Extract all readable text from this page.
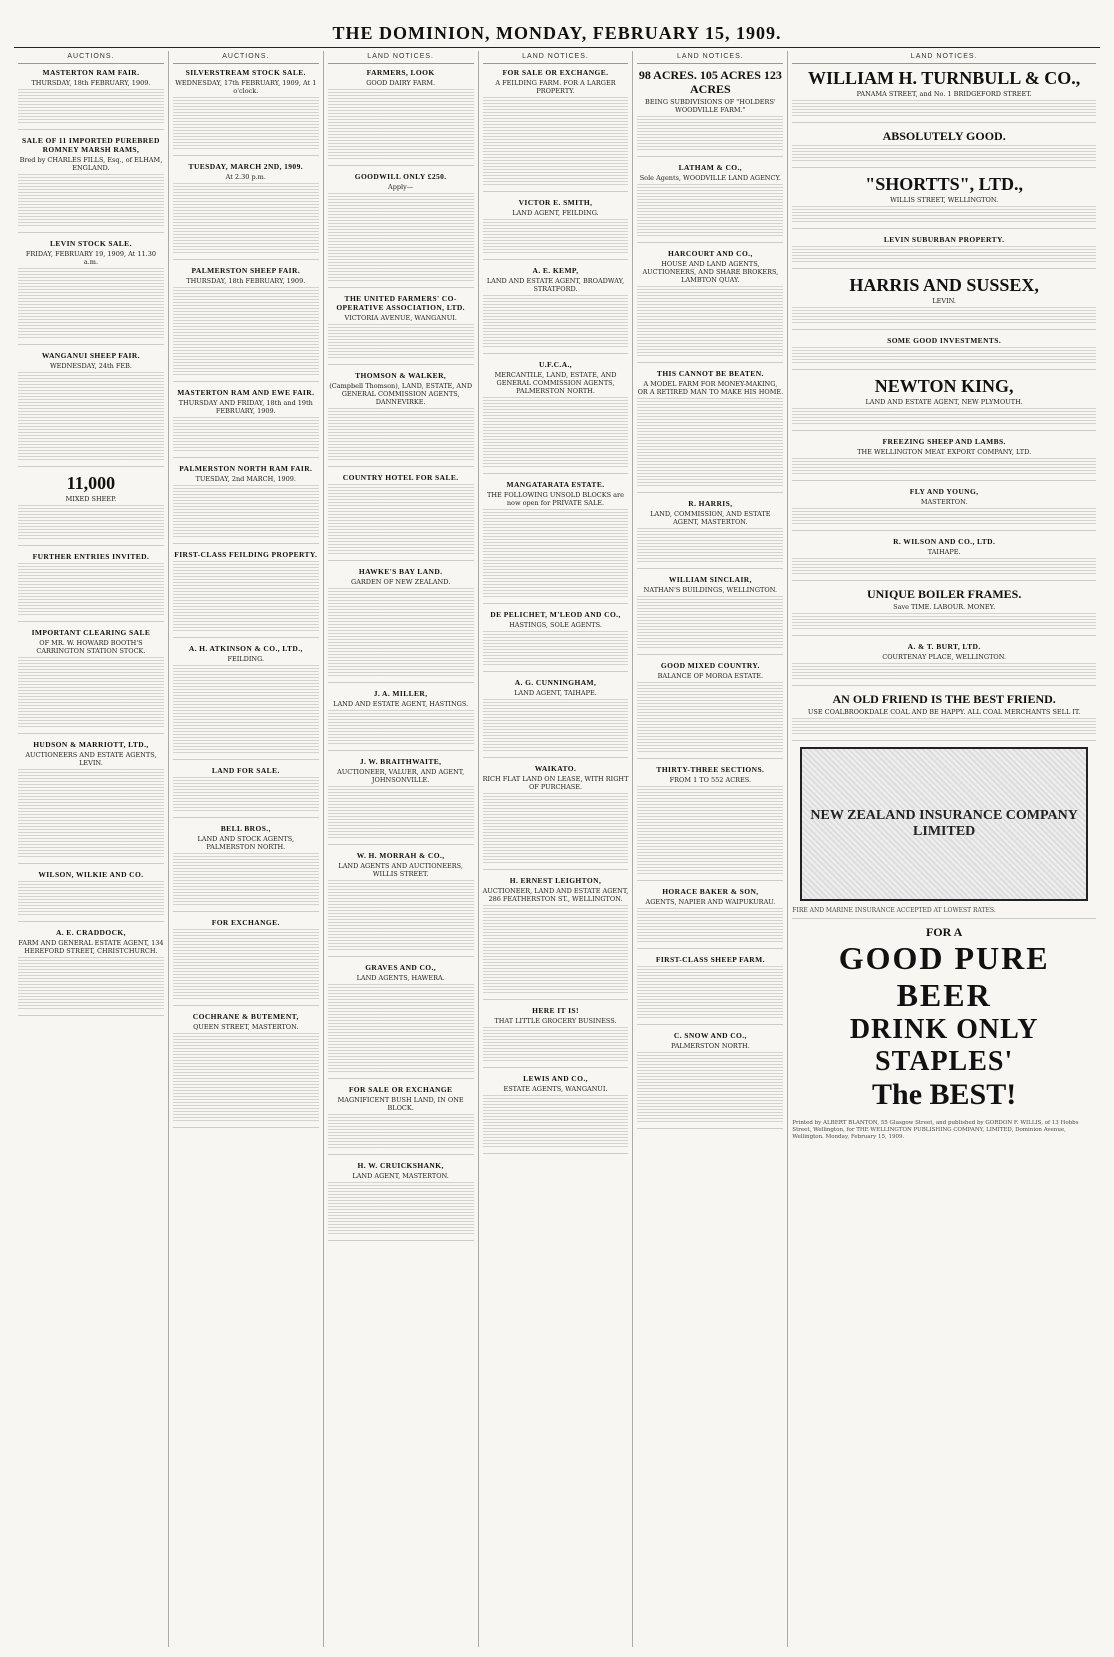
THE DOMINION, MONDAY, FEBRUARY 15, 1909.
AUCTIONS.
MASTERTON RAM FAIR.
THURSDAY, 18th FEBRUARY, 1909.
SALE OF 11 IMPORTED PUREBRED ROMNEY MARSH RAMS,
Bred by CHARLES FILLS, Esq., of ELHAM, ENGLAND.
LEVIN STOCK SALE.
FRIDAY, FEBRUARY 19, 1909, At 11.30 a.m.
WANGANUI SHEEP FAIR.
WEDNESDAY, 24th FEB.
11,000
MIXED SHEEP.
FURTHER ENTRIES INVITED.
IMPORTANT CLEARING SALE
OF MR. W. HOWARD BOOTH'S CARRINGTON STATION STOCK.
HUDSON & MARRIOTT, LTD.,
AUCTIONEERS AND ESTATE AGENTS, LEVIN.
WILSON, WILKIE AND CO.
A. E. CRADDOCK,
FARM AND GENERAL ESTATE AGENT, 134 HEREFORD STREET, CHRISTCHURCH.
AUCTIONS.
SILVERSTREAM STOCK SALE.
WEDNESDAY, 17th FEBRUARY, 1909, At 1 o'clock.
TUESDAY, MARCH 2ND, 1909.
At 2.30 p.m.
PALMERSTON SHEEP FAIR.
THURSDAY, 18th FEBRUARY, 1909.
MASTERTON RAM AND EWE FAIR.
THURSDAY AND FRIDAY, 18th and 19th FEBRUARY, 1909.
PALMERSTON NORTH RAM FAIR.
TUESDAY, 2nd MARCH, 1909.
FIRST-CLASS FEILDING PROPERTY.
A. H. ATKINSON & CO., LTD.,
FEILDING.
LAND FOR SALE.
BELL BROS.,
LAND AND STOCK AGENTS, PALMERSTON NORTH.
FOR EXCHANGE.
COCHRANE & BUTEMENT,
QUEEN STREET, MASTERTON.
LAND NOTICES.
FARMERS, LOOK
GOOD DAIRY FARM.
GOODWILL ONLY £250.
Apply—
THE UNITED FARMERS' CO-OPERATIVE ASSOCIATION, LTD.
VICTORIA AVENUE, WANGANUI.
THOMSON & WALKER,
(Campbell Thomson), LAND, ESTATE, AND GENERAL COMMISSION AGENTS, DANNEVIRKE.
COUNTRY HOTEL FOR SALE.
HAWKE'S BAY LAND.
GARDEN OF NEW ZEALAND.
J. A. MILLER,
LAND AND ESTATE AGENT, HASTINGS.
J. W. BRAITHWAITE,
AUCTIONEER, VALUER, AND AGENT, JOHNSONVILLE.
W. H. MORRAH & CO.,
LAND AGENTS AND AUCTIONEERS, WILLIS STREET.
GRAVES AND CO.,
LAND AGENTS, HAWERA.
FOR SALE OR EXCHANGE
MAGNIFICENT BUSH LAND, IN ONE BLOCK.
H. W. CRUICKSHANK,
LAND AGENT, MASTERTON.
LAND NOTICES.
FOR SALE OR EXCHANGE.
A FEILDING FARM. FOR A LARGER PROPERTY.
VICTOR E. SMITH,
LAND AGENT, FEILDING.
A. E. KEMP,
LAND AND ESTATE AGENT, BROADWAY, STRATFORD.
U.F.C.A.,
MERCANTILE, LAND, ESTATE, AND GENERAL COMMISSION AGENTS, PALMERSTON NORTH.
MANGATARATA ESTATE.
THE FOLLOWING UNSOLD BLOCKS are now open for PRIVATE SALE.
DE PELICHET, M'LEOD AND CO.,
HASTINGS, SOLE AGENTS.
A. G. CUNNINGHAM,
LAND AGENT, TAIHAPE.
WAIKATO.
RICH FLAT LAND ON LEASE, WITH RIGHT OF PURCHASE.
H. ERNEST LEIGHTON,
AUCTIONEER, LAND AND ESTATE AGENT, 286 FEATHERSTON ST., WELLINGTON.
HERE IT IS!
THAT LITTLE GROCERY BUSINESS.
LEWIS AND CO.,
ESTATE AGENTS, WANGANUI.
LAND NOTICES.
98 ACRES. 105 ACRES 123 ACRES
BEING SUBDIVISIONS OF "HOLDERS' WOODVILLE FARM."
LATHAM & CO.,
Sole Agents, WOODVILLE LAND AGENCY.
HARCOURT AND CO.,
HOUSE AND LAND AGENTS, AUCTIONEERS, AND SHARE BROKERS, LAMBTON QUAY.
THIS CANNOT BE BEATEN.
A MODEL FARM FOR MONEY-MAKING, OR A RETIRED MAN TO MAKE HIS HOME.
R. HARRIS,
LAND, COMMISSION, AND ESTATE AGENT, MASTERTON.
WILLIAM SINCLAIR,
NATHAN'S BUILDINGS, WELLINGTON.
GOOD MIXED COUNTRY.
BALANCE OF MOROA ESTATE.
THIRTY-THREE SECTIONS.
FROM 1 TO 552 ACRES.
HORACE BAKER & SON,
AGENTS, NAPIER AND WAIPUKURAU.
FIRST-CLASS SHEEP FARM.
C. SNOW AND CO.,
PALMERSTON NORTH.
LAND NOTICES.
WILLIAM H. TURNBULL & CO.,
PANAMA STREET, and No. 1 BRIDGEFORD STREET.
ABSOLUTELY GOOD.
"SHORTTS", LTD.,
WILLIS STREET, WELLINGTON.
LEVIN SUBURBAN PROPERTY.
HARRIS AND SUSSEX,
LEVIN.
SOME GOOD INVESTMENTS.
NEWTON KING,
LAND AND ESTATE AGENT, NEW PLYMOUTH.
FREEZING SHEEP AND LAMBS.
THE WELLINGTON MEAT EXPORT COMPANY, LTD.
FLY AND YOUNG,
MASTERTON.
R. WILSON AND CO., LTD.
TAIHAPE.
UNIQUE BOILER FRAMES.
Save TIME. LABOUR. MONEY.
A. & T. BURT, LTD.
COURTENAY PLACE, WELLINGTON.
AN OLD FRIEND IS THE BEST FRIEND.
USE COALBROOKDALE COAL AND BE HAPPY. ALL COAL MERCHANTS SELL IT.
NEW ZEALAND INSURANCE COMPANY LIMITED
FIRE AND MARINE INSURANCE ACCEPTED AT LOWEST RATES.
FOR A
GOOD PURE BEER
DRINK ONLY STAPLES'
The BEST!
Printed by ALBERT BLANTON, 55 Glasgow Street, and published by GORDON F. WILLIS, of 13 Hobbs Street, Wellington, for THE WELLINGTON PUBLISHING COMPANY, LIMITED, Dominion Avenue, Wellington. Monday, February 15, 1909.
